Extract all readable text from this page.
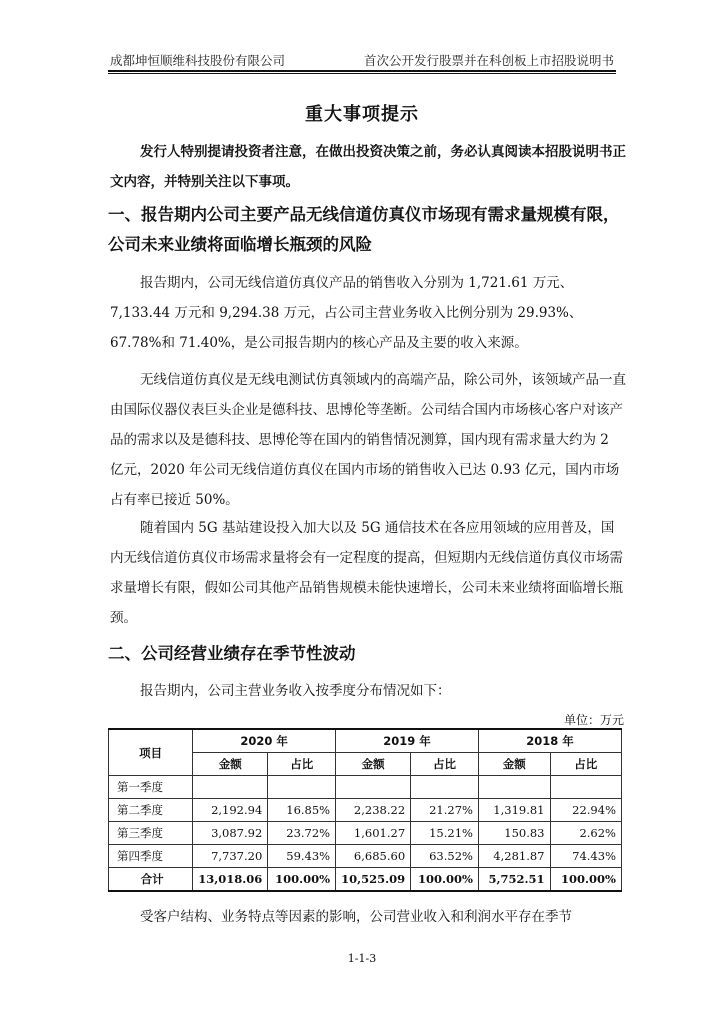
成都坤恒顺维科技股份有限公司	首次公开发行股票并在科创板上市招股说明书
重大事项提示
发行人特别提请投资者注意，在做出投资决策之前，务必认真阅读本招股说明书正文内容，并特别关注以下事项。
一、报告期内公司主要产品无线信道仿真仪市场现有需求量规模有限，公司未来业绩将面临增长瓶颈的风险
报告期内，公司无线信道仿真仪产品的销售收入分别为 1,721.61 万元、7,133.44 万元和 9,294.38 万元，占公司主营业务收入比例分别为 29.93%、67.78%和 71.40%，是公司报告期内的核心产品及主要的收入来源。
无线信道仿真仪是无线电测试仿真领域内的高端产品，除公司外，该领域产品一直由国际仪器仪表巨头企业是德科技、思博伦等垄断。公司结合国内市场核心客户对该产品的需求以及是德科技、思博伦等在国内的销售情况测算，国内现有需求量大约为 2 亿元，2020 年公司无线信道仿真仪在国内市场的销售收入已达 0.93 亿元，国内市场占有率已接近 50%。
随着国内 5G 基站建设投入加大以及 5G 通信技术在各应用领域的应用普及，国内无线信道仿真仪市场需求量将会有一定程度的提高，但短期内无线信道仿真仪市场需求量增长有限，假如公司其他产品销售规模未能快速增长，公司未来业绩将面临增长瓶颈。
二、公司经营业绩存在季节性波动
报告期内，公司主营业务收入按季度分布情况如下：
单位：万元
项目	2020 年		2019 年		2018 年	
	金额	占比	金额	占比	金额	占比
第一季度						
第二季度	2,192.94	16.85%	2,238.22	21.27%	1,319.81	22.94%
第三季度	3,087.92	23.72%	1,601.27	15.21%	150.83	2.62%
第四季度	7,737.20	59.43%	6,685.60	63.52%	4,281.87	74.43%
合计	13,018.06	100.00%	10,525.09	100.00%	5,752.51	100.00%
受客户结构、业务特点等因素的影响，公司营业收入和利润水平存在季节
1-1-3
